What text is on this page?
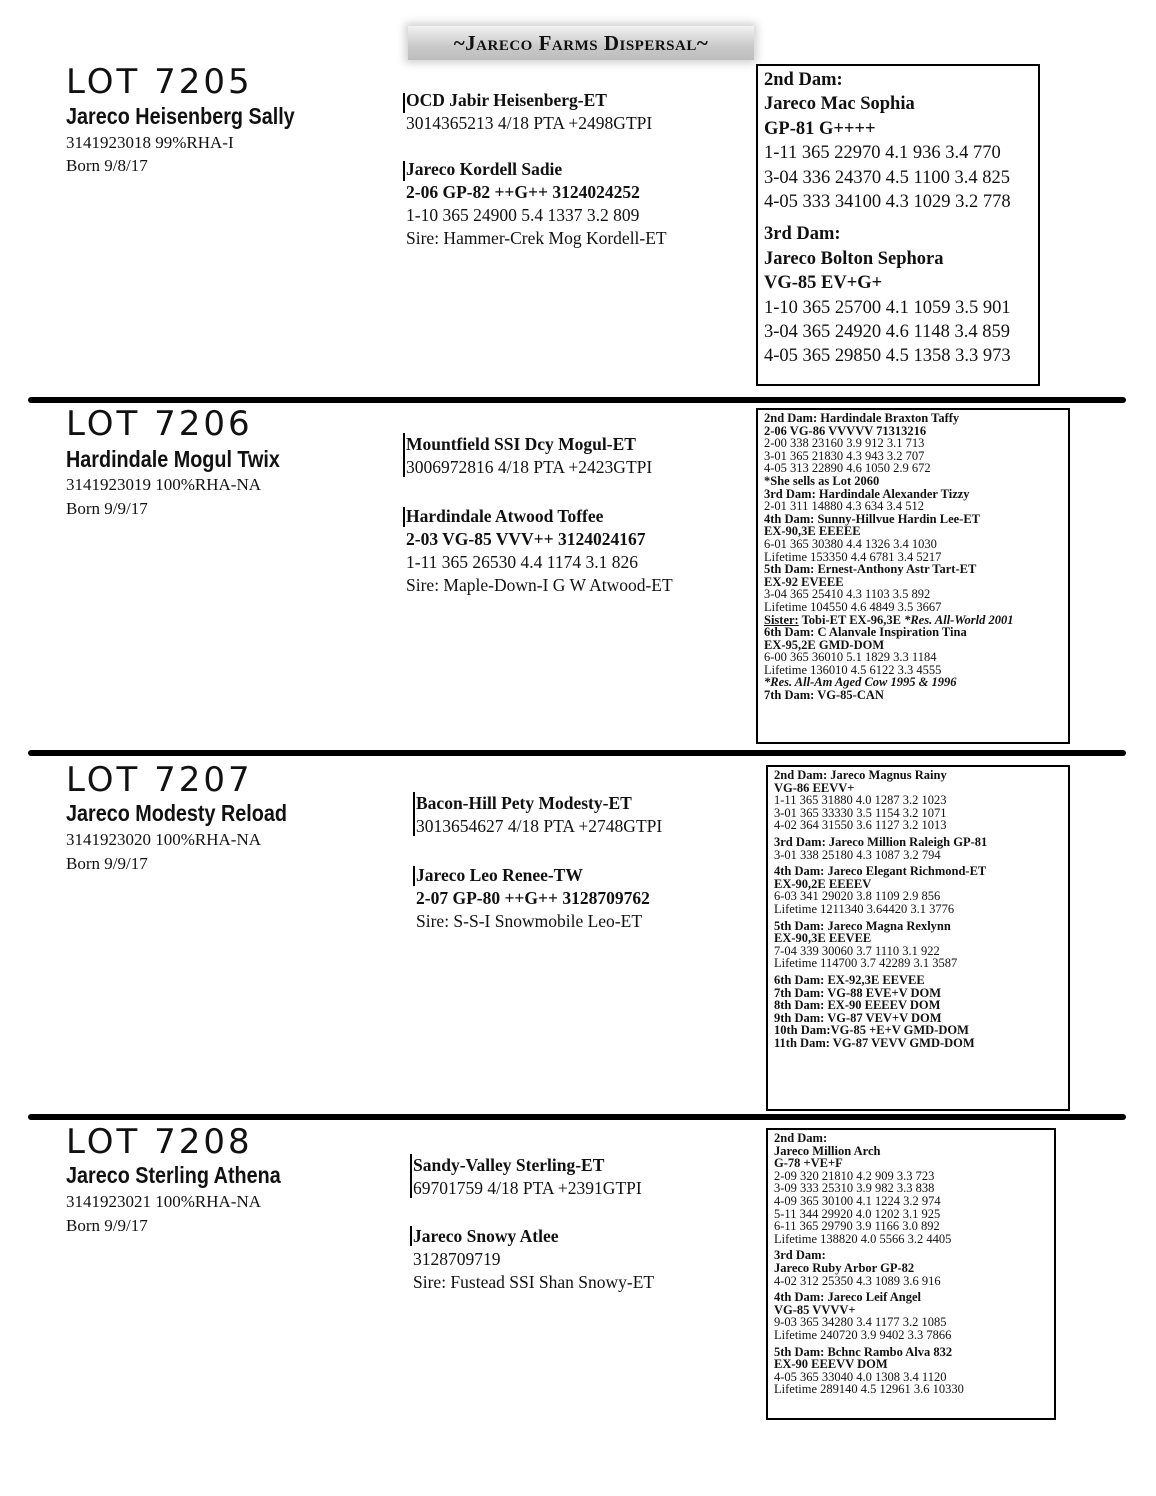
~Jareco Farms Dispersal~
LOT 7205
Jareco Heisenberg Sally
3141923018 99%RHA-I
Born 9/8/17
OCD Jabir Heisenberg-ET
3014365213 4/18 PTA +2498GTPI
Jareco Kordell Sadie
2-06 GP-82 ++G++ 3124024252
1-10 365 24900 5.4 1337 3.2 809
Sire: Hammer-Crek Mog Kordell-ET
2nd Dam:
Jareco Mac Sophia
GP-81 G++++
1-11 365 22970 4.1 936 3.4 770
3-04 336 24370 4.5 1100 3.4 825
4-05 333 34100 4.3 1029 3.2 778
3rd Dam:
Jareco Bolton Sephora
VG-85 EV+G+
1-10 365 25700 4.1 1059 3.5 901
3-04 365 24920 4.6 1148 3.4 859
4-05 365 29850 4.5 1358 3.3 973
LOT 7206
Hardindale Mogul Twix
3141923019 100%RHA-NA
Born 9/9/17
Mountfield SSI Dcy Mogul-ET
3006972816 4/18 PTA +2423GTPI
Hardindale Atwood Toffee
2-03 VG-85 VVV++ 3124024167
1-11 365 26530 4.4 1174 3.1 826
Sire: Maple-Down-I G W Atwood-ET
2nd Dam: Hardindale Braxton Taffy
2-06 VG-86 VVVVV 71313216
2-00 338 23160 3.9 912 3.1 713
3-01 365 21830 4.3 943 3.2 707
4-05 313 22890 4.6 1050 2.9 672
*She sells as Lot 2060
3rd Dam: Hardindale Alexander Tizzy
2-01 311 14880 4.3 634 3.4 512
4th Dam: Sunny-Hillvue Hardin Lee-ET
EX-90,3E EEEEE
6-01 365 30380 4.4 1326 3.4 1030
Lifetime 153350 4.4 6781 3.4 5217
5th Dam: Ernest-Anthony Astr Tart-ET
EX-92 EVEEE
3-04 365 25410 4.3 1103 3.5 892
Lifetime 104550 4.6 4849 3.5 3667
Sister: Tobi-ET EX-96,3E *Res. All-World 2001
6th Dam: C Alanvale Inspiration Tina
EX-95,2E GMD-DOM
6-00 365 36010 5.1 1829 3.3 1184
Lifetime 136010 4.5 6122 3.3 4555
*Res. All-Am Aged Cow 1995 & 1996
7th Dam: VG-85-CAN
LOT 7207
Jareco Modesty Reload
3141923020 100%RHA-NA
Born 9/9/17
Bacon-Hill Pety Modesty-ET
3013654627 4/18 PTA +2748GTPI
Jareco Leo Renee-TW
2-07 GP-80 ++G++ 3128709762
Sire: S-S-I Snowmobile Leo-ET
2nd Dam: Jareco Magnus Rainy
VG-86 EEVV+
1-11 365 31880 4.0 1287 3.2 1023
3-01 365 33330 3.5 1154 3.2 1071
4-02 364 31550 3.6 1127 3.2 1013
3rd Dam: Jareco Million Raleigh GP-81
3-01 338 25180 4.3 1087 3.2 794
4th Dam: Jareco Elegant Richmond-ET
EX-90,2E EEEEV
6-03 341 29020 3.8 1109 2.9 856
Lifetime 1211340 3.64420 3.1 3776
5th Dam: Jareco Magna Rexlynn
EX-90,3E EEVEE
7-04 339 30060 3.7 1110 3.1 922
Lifetime 114700 3.7 42289 3.1 3587
6th Dam: EX-92,3E EEVEE
7th Dam: VG-88 EVE+V DOM
8th Dam: EX-90 EEEEV DOM
9th Dam: VG-87 VEV+V DOM
10th Dam:VG-85 +E+V GMD-DOM
11th Dam: VG-87 VEVV GMD-DOM
LOT 7208
Jareco Sterling Athena
3141923021 100%RHA-NA
Born 9/9/17
Sandy-Valley Sterling-ET
69701759 4/18 PTA +2391GTPI
Jareco Snowy Atlee
3128709719
Sire: Fustead SSI Shan Snowy-ET
2nd Dam:
Jareco Million Arch
G-78 +VE+F
2-09 320 21810 4.2 909 3.3 723
3-09 333 25310 3.9 982 3.3 838
4-09 365 30100 4.1 1224 3.2 974
5-11 344 29920 4.0 1202 3.1 925
6-11 365 29790 3.9 1166 3.0 892
Lifetime 138820 4.0 5566 3.2 4405
3rd Dam:
Jareco Ruby Arbor GP-82
4-02 312 25350 4.3 1089 3.6 916
4th Dam: Jareco Leif Angel
VG-85 VVVV+
9-03 365 34280 3.4 1177 3.2 1085
Lifetime 240720 3.9 9402 3.3 7866
5th Dam: Bchnc Rambo Alva 832
EX-90 EEEVV DOM
4-05 365 33040 4.0 1308 3.4 1120
Lifetime 289140 4.5 12961 3.6 10330
